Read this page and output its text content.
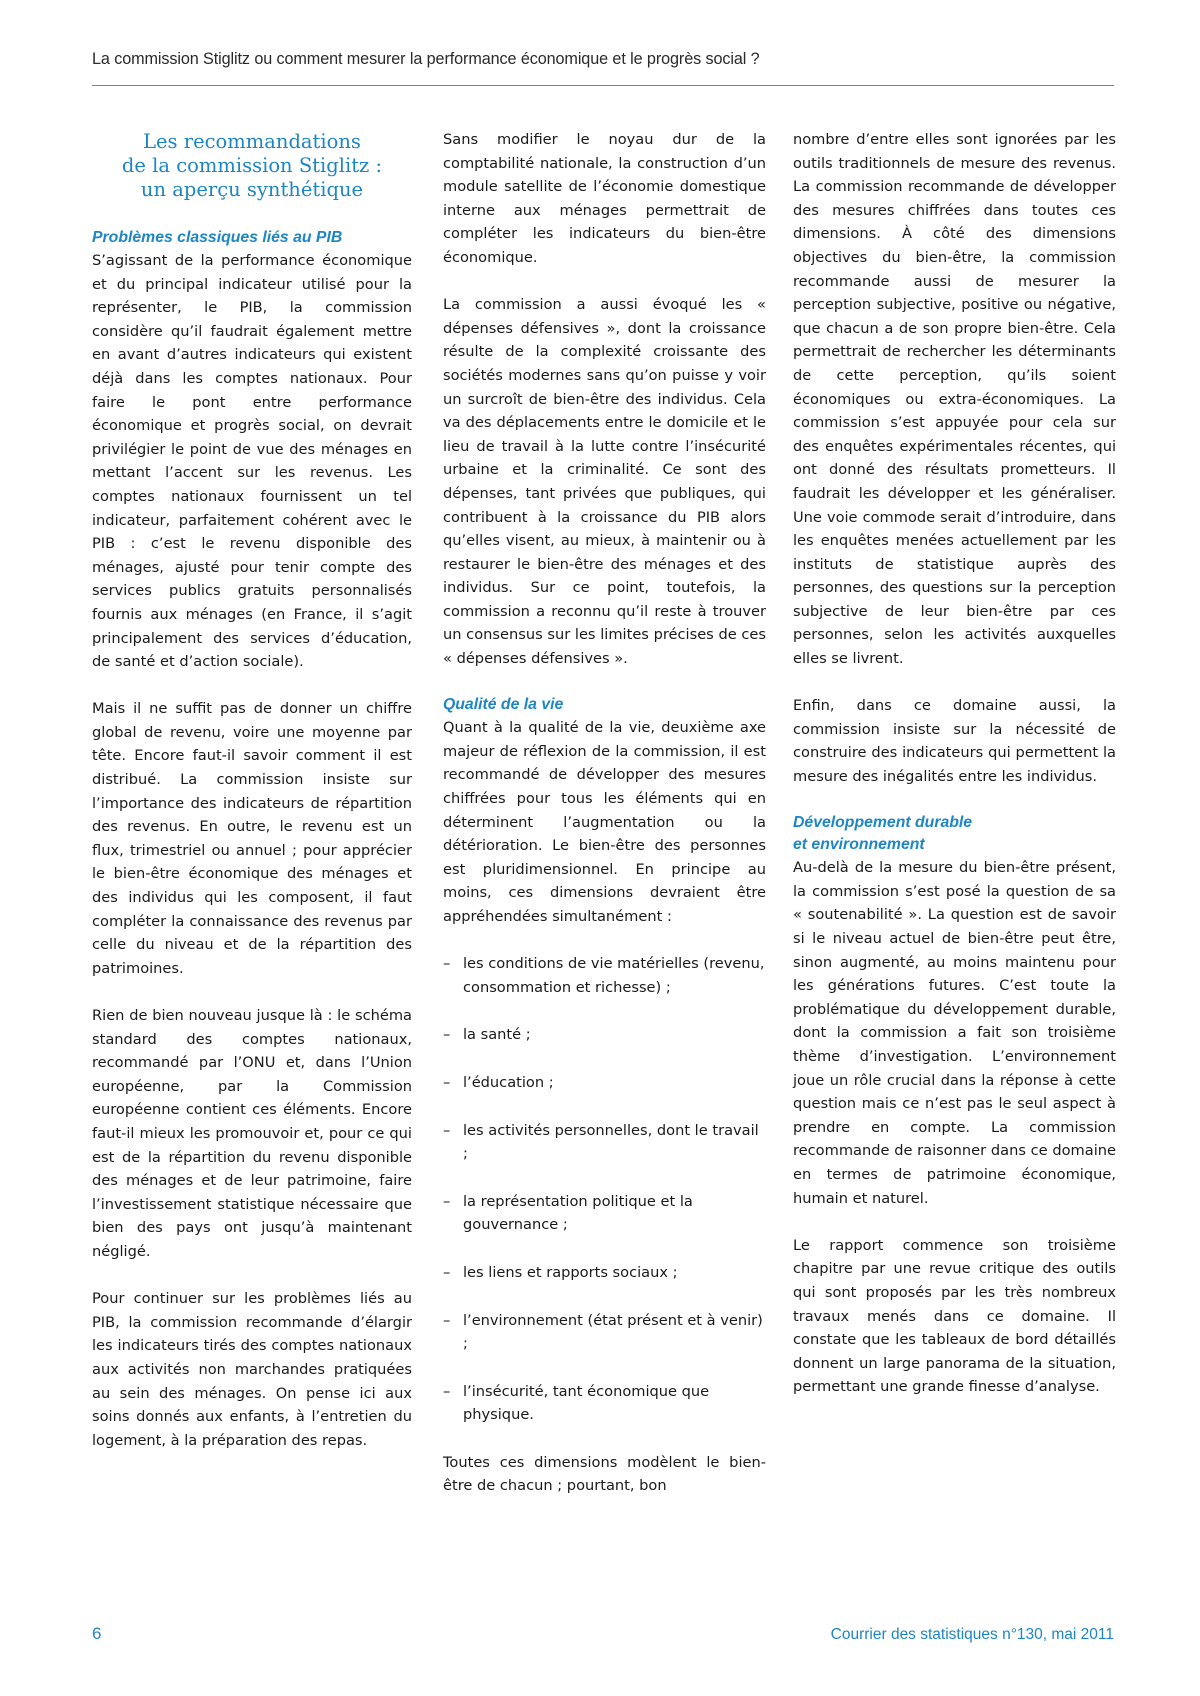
La commission Stiglitz ou comment mesurer la performance économique et le progrès social ?
Les recommandations
de la commission Stiglitz :
un aperçu synthétique
Problèmes classiques liés au PIB

S’agissant de la performance économique et du principal indicateur utilisé pour la représenter, le PIB, la commission considère qu’il faudrait également mettre en avant d’autres indicateurs qui existent déjà dans les comptes nationaux. Pour faire le pont entre performance économique et progrès social, on devrait privilégier le point de vue des ménages en mettant l’accent sur les revenus. Les comptes nationaux fournissent un tel indicateur, parfaitement cohérent avec le PIB : c’est le revenu disponible des ménages, ajusté pour tenir compte des services publics gratuits personnalisés fournis aux ménages (en France, il s’agit principalement des services d’éducation, de santé et d’action sociale).

Mais il ne suffit pas de donner un chiffre global de revenu, voire une moyenne par tête. Encore faut-il savoir comment il est distribué. La commission insiste sur l’importance des indicateurs de répartition des revenus. En outre, le revenu est un flux, trimestriel ou annuel ; pour apprécier le bien-être économique des ménages et des individus qui les composent, il faut compléter la connaissance des revenus par celle du niveau et de la répartition des patrimoines.

Rien de bien nouveau jusque là : le schéma standard des comptes nationaux, recommandé par l’ONU et, dans l’Union européenne, par la Commission européenne contient ces éléments. Encore faut-il mieux les promouvoir et, pour ce qui est de la répartition du revenu disponible des ménages et de leur patrimoine, faire l’investissement statistique nécessaire que bien des pays ont jusqu’à maintenant négligé.

Pour continuer sur les problèmes liés au PIB, la commission recommande d’élargir les indicateurs tirés des comptes nationaux aux activités non marchandes pratiquées au sein des ménages. On pense ici aux soins donnés aux enfants, à l’entretien du logement, à la préparation des repas.

Sans modifier le noyau dur de la comptabilité nationale, la construction d’un module satellite de l’économie domestique interne aux ménages permettrait de compléter les indicateurs du bien-être économique.

La commission a aussi évoqué les « dépenses défensives », dont la croissance résulte de la complexité croissante des sociétés modernes sans qu’on puisse y voir un surcroît de bien-être des individus. Cela va des déplacements entre le domicile et le lieu de travail à la lutte contre l’insécurité urbaine et la criminalité. Ce sont des dépenses, tant privées que publiques, qui contribuent à la croissance du PIB alors qu’elles visent, au mieux, à maintenir ou à restaurer le bien-être des ménages et des individus. Sur ce point, toutefois, la commission a reconnu qu’il reste à trouver un consensus sur les limites précises de ces « dépenses défensives ».

Qualité de la vie

Quant à la qualité de la vie, deuxième axe majeur de réflexion de la commission, il est recommandé de développer des mesures chiffrées pour tous les éléments qui en déterminent l’augmentation ou la détérioration. Le bien-être des personnes est pluridimensionnel. En principe au moins, ces dimensions devraient être appréhendées simultanément :

– les conditions de vie matérielles (revenu, consommation et richesse) ;
– la santé ;
– l’éducation ;
– les activités personnelles, dont le travail ;
– la représentation politique et la gouvernance ;
– les liens et rapports sociaux ;
– l’environnement (état présent et à venir) ;
– l’insécurité, tant économique que physique.

Toutes ces dimensions modèlent le bien-être de chacun ; pourtant, bon

nombre d’entre elles sont ignorées par les outils traditionnels de mesure des revenus. La commission recommande de développer des mesures chiffrées dans toutes ces dimensions. À côté des dimensions objectives du bien-être, la commission recommande aussi de mesurer la perception subjective, positive ou négative, que chacun a de son propre bien-être. Cela permettrait de rechercher les déterminants de cette perception, qu’ils soient économiques ou extra-économiques. La commission s’est appuyée pour cela sur des enquêtes expérimentales récentes, qui ont donné des résultats prometteurs. Il faudrait les développer et les généraliser. Une voie commode serait d’introduire, dans les enquêtes menées actuellement par les instituts de statistique auprès des personnes, des questions sur la perception subjective de leur bien-être par ces personnes, selon les activités auxquelles elles se livrent.

Enfin, dans ce domaine aussi, la commission insiste sur la nécessité de construire des indicateurs qui permettent la mesure des inégalités entre les individus.

Développement durable
et environnement

Au-delà de la mesure du bien-être présent, la commission s’est posé la question de sa « soutenabilité ». La question est de savoir si le niveau actuel de bien-être peut être, sinon augmenté, au moins maintenu pour les générations futures. C’est toute la problématique du développement durable, dont la commission a fait son troisième thème d’investigation. L’environnement joue un rôle crucial dans la réponse à cette question mais ce n’est pas le seul aspect à prendre en compte. La commission recommande de raisonner dans ce domaine en termes de patrimoine économique, humain et naturel.

Le rapport commence son troisième chapitre par une revue critique des outils qui sont proposés par les très nombreux travaux menés dans ce domaine. Il constate que les tableaux de bord détaillés donnent un large panorama de la situation, permettant une grande finesse d’analyse.

6	Courrier des statistiques n°130, mai 2011
